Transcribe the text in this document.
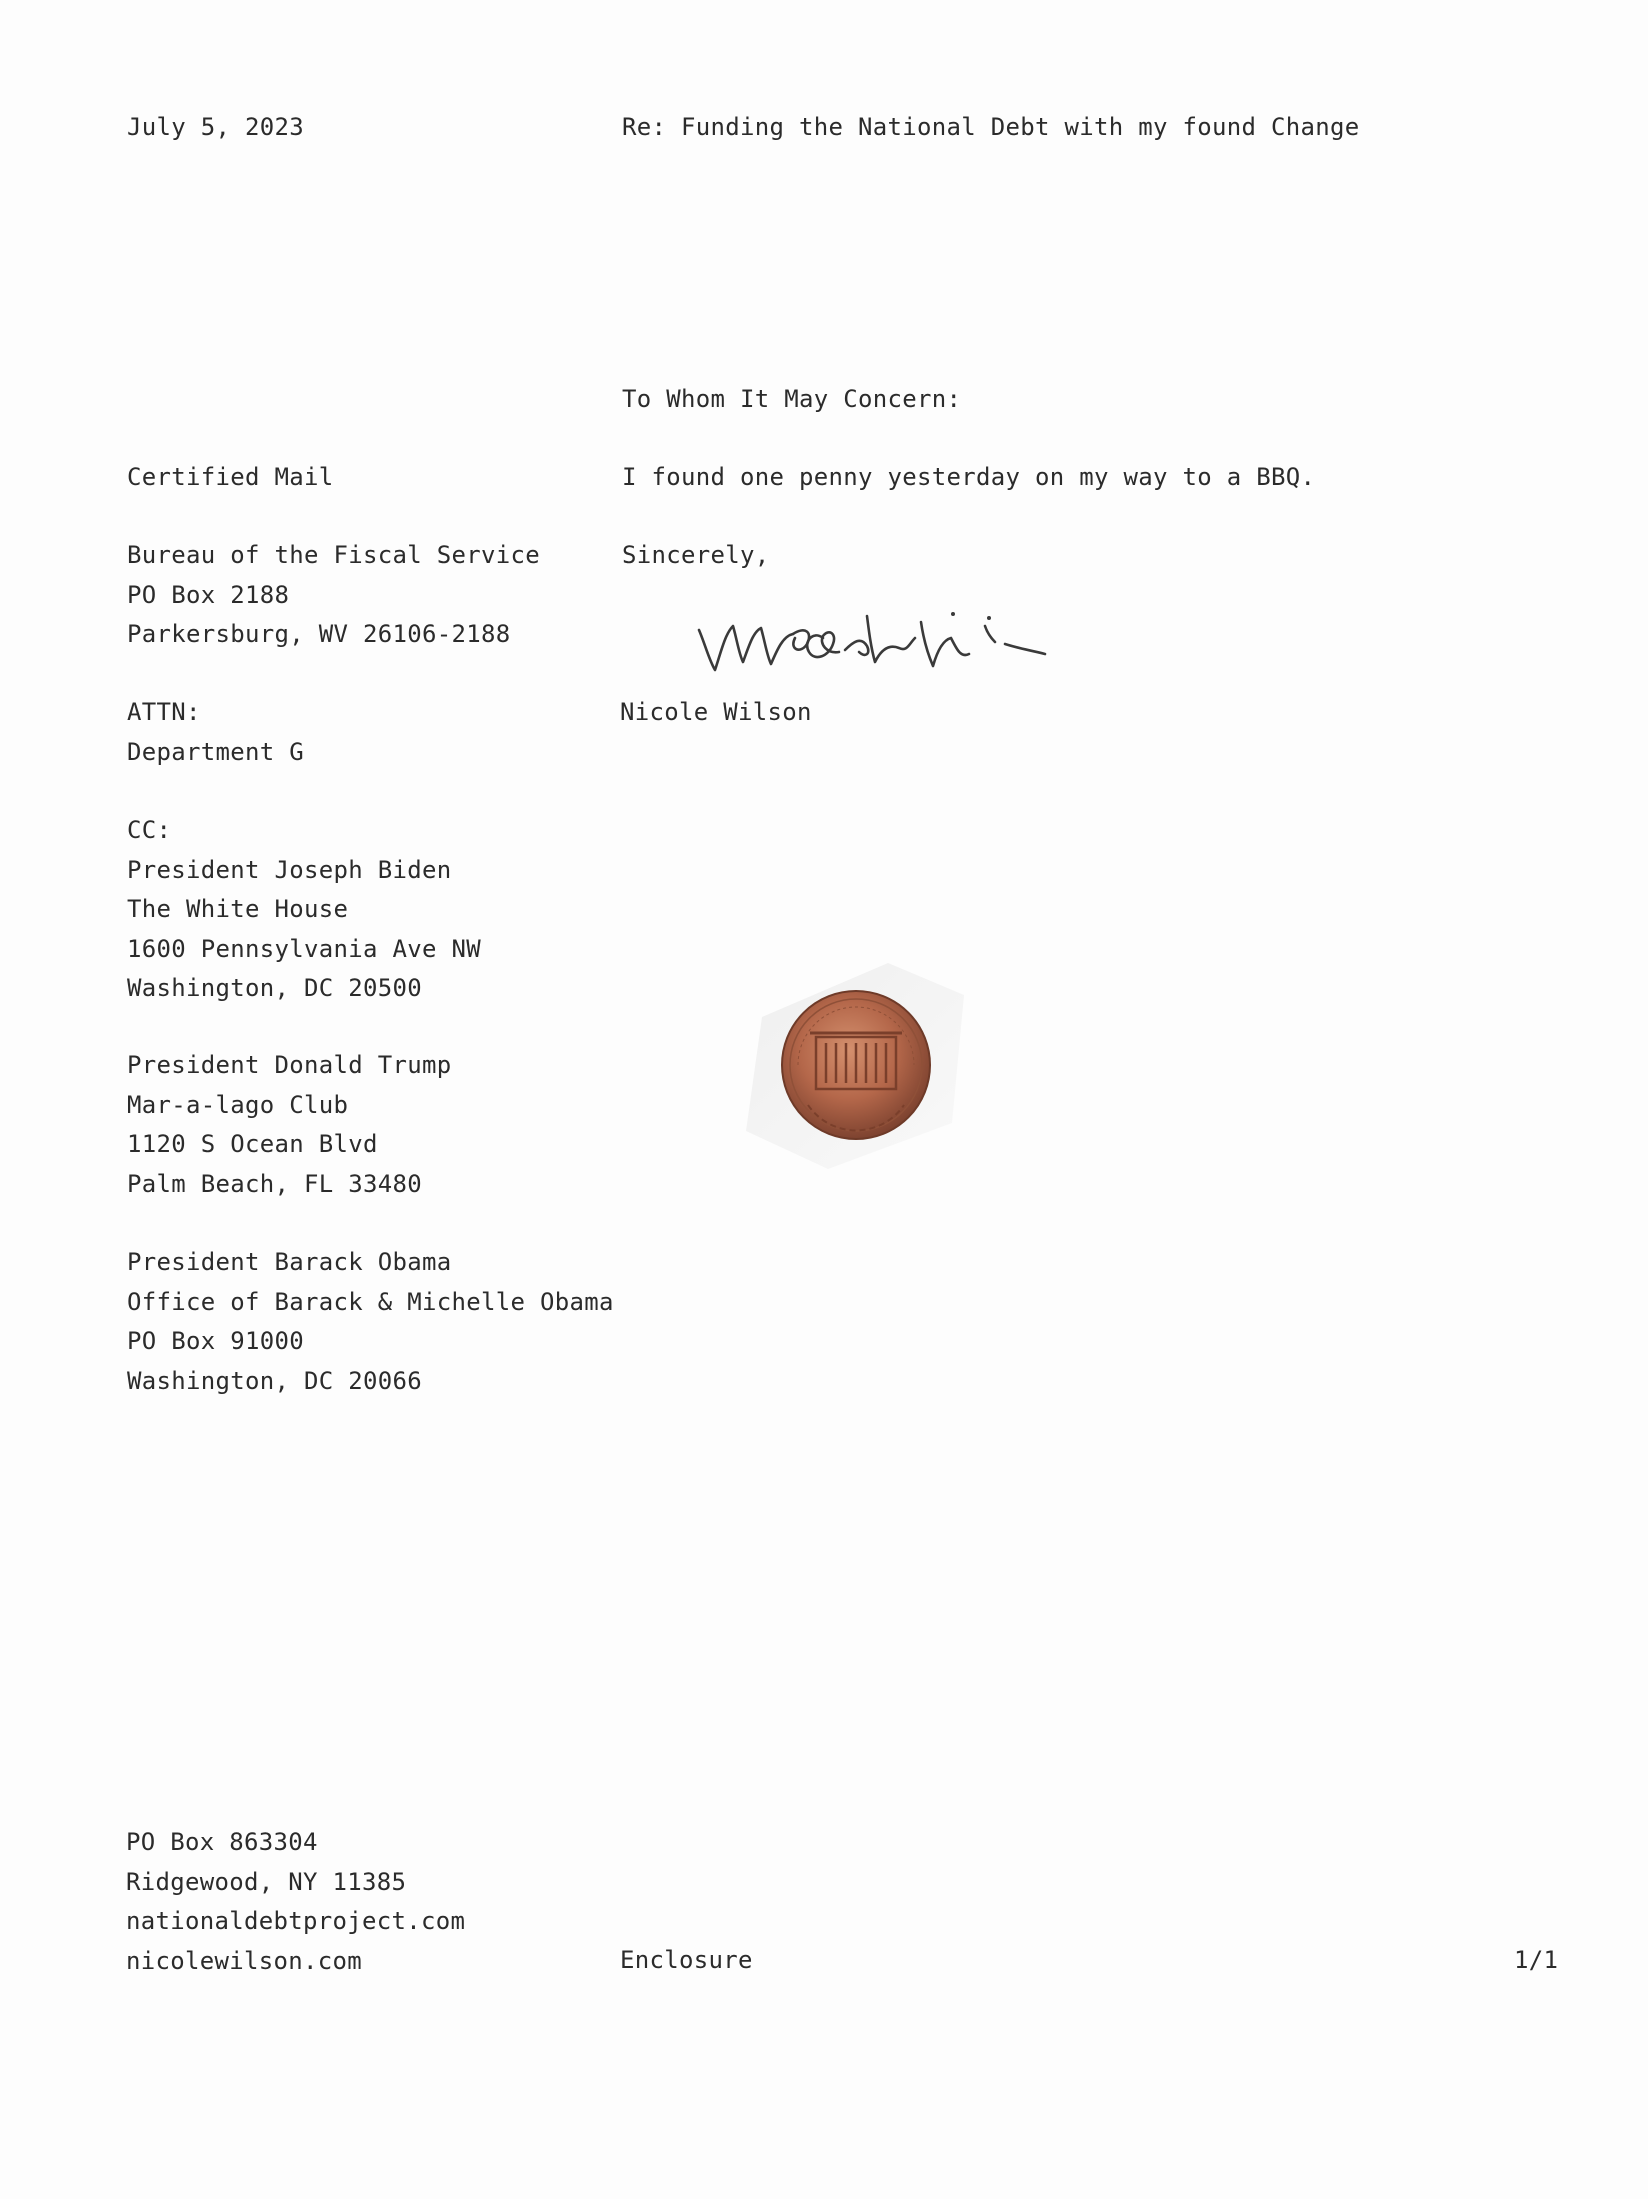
July 5, 2023	Re: Funding the National Debt with my found Change
To Whom It May Concern:
I found one penny yesterday on my way to a BBQ.
Sincerely,
Nicole Wilson
Certified Mail
Bureau of the Fiscal Service
PO Box 2188
Parkersburg, WV 26106-2188
ATTN:
Department G
CC:
President Joseph Biden
The White House
1600 Pennsylvania Ave NW
Washington, DC 20500
President Donald Trump
Mar-a-lago Club
1120 S Ocean Blvd
Palm Beach, FL 33480
President Barack Obama
Office of Barack & Michelle Obama
PO Box 91000
Washington, DC 20066
PO Box 863304
Ridgewood, NY 11385
nationaldebtproject.com
nicolewilson.com	Enclosure	1/1
